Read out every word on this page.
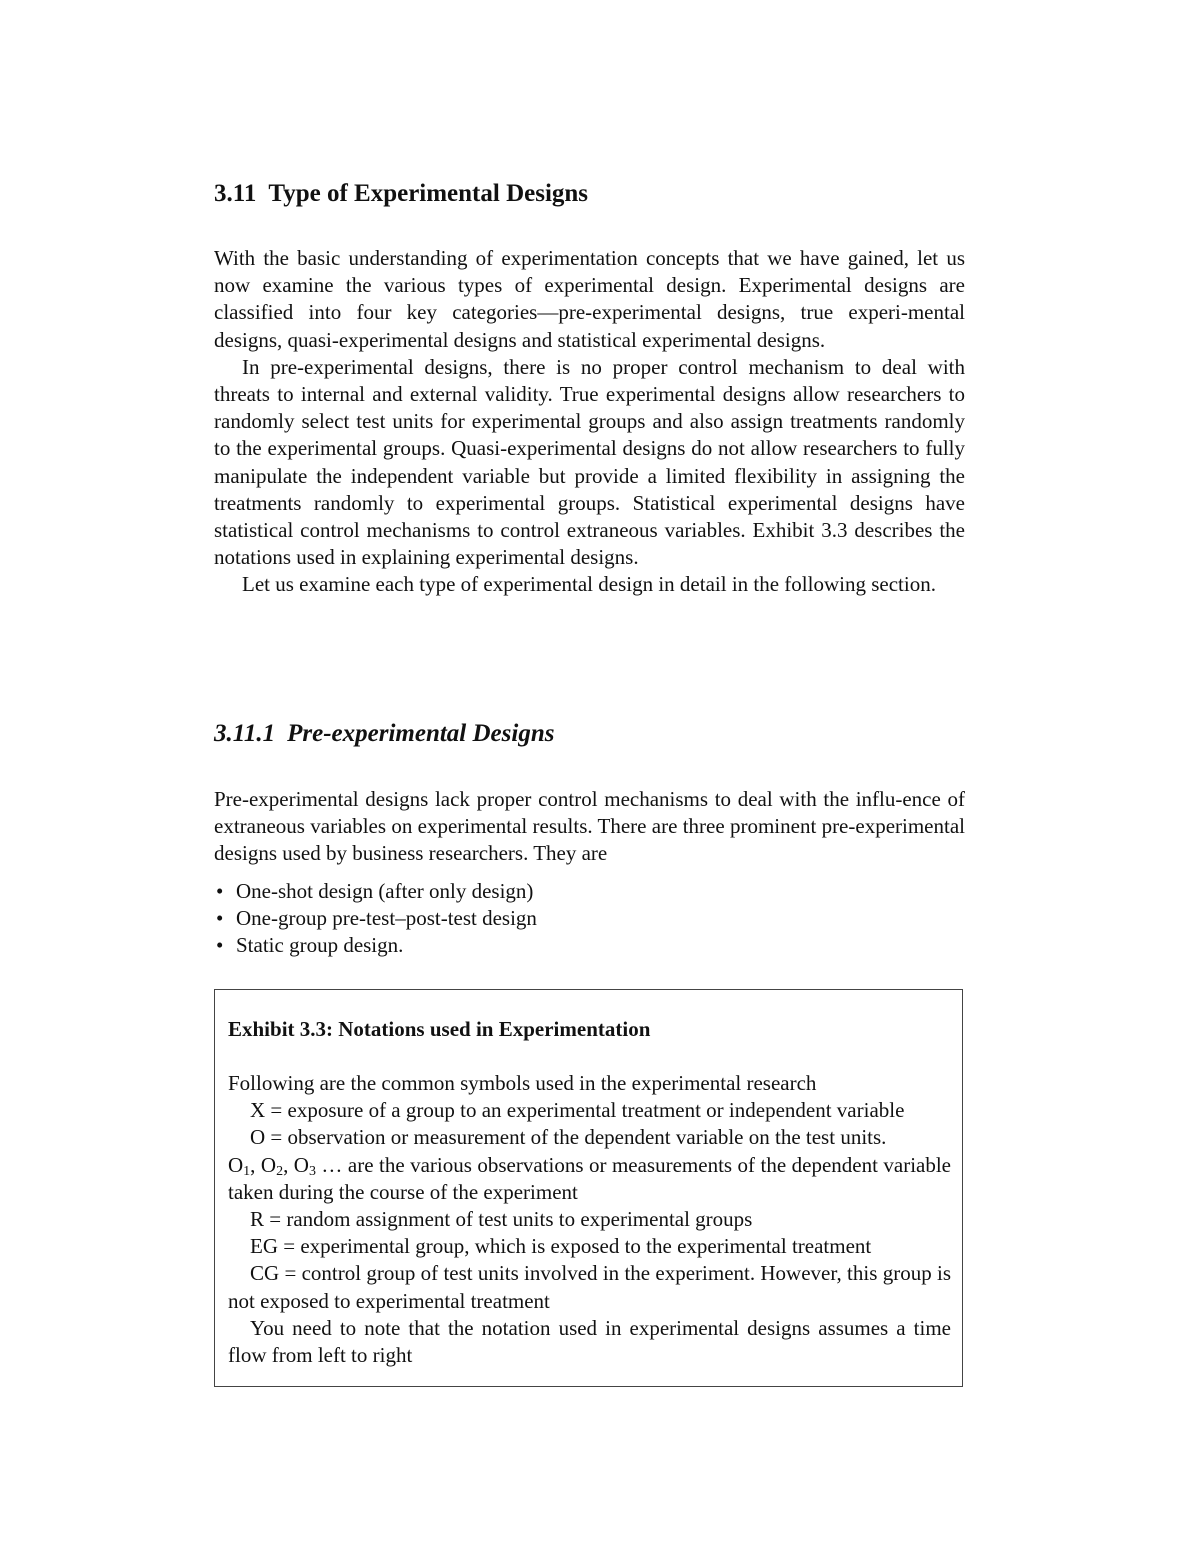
3.11 Type of Experimental Designs

With the basic understanding of experimentation concepts that we have gained, let us now examine the various types of experimental design. Experimental designs are classified into four key categories—pre-experimental designs, true experi-mental designs, quasi-experimental designs and statistical experimental designs.

In pre-experimental designs, there is no proper control mechanism to deal with threats to internal and external validity. True experimental designs allow researchers to randomly select test units for experimental groups and also assign treatments randomly to the experimental groups. Quasi-experimental designs do not allow researchers to fully manipulate the independent variable but provide a limited flexibility in assigning the treatments randomly to experimental groups. Statistical experimental designs have statistical control mechanisms to control extraneous variables. Exhibit 3.3 describes the notations used in explaining experimental designs.

Let us examine each type of experimental design in detail in the following section.

3.11.1 Pre-experimental Designs

Pre-experimental designs lack proper control mechanisms to deal with the influ-ence of extraneous variables on experimental results. There are three prominent pre-experimental designs used by business researchers. They are

• One-shot design (after only design)
• One-group pre-test–post-test design
• Static group design.

Exhibit 3.3: Notations used in Experimentation

Following are the common symbols used in the experimental research

X = exposure of a group to an experimental treatment or independent variable

O = observation or measurement of the dependent variable on the test units.

$O_1$, $O_2$, $O_3$ … are the various observations or measurements of the dependent variable taken during the course of the experiment

R = random assignment of test units to experimental groups

EG = experimental group, which is exposed to the experimental treatment

CG = control group of test units involved in the experiment. However, this group is not exposed to experimental treatment

You need to note that the notation used in experimental designs assumes a time flow from left to right
